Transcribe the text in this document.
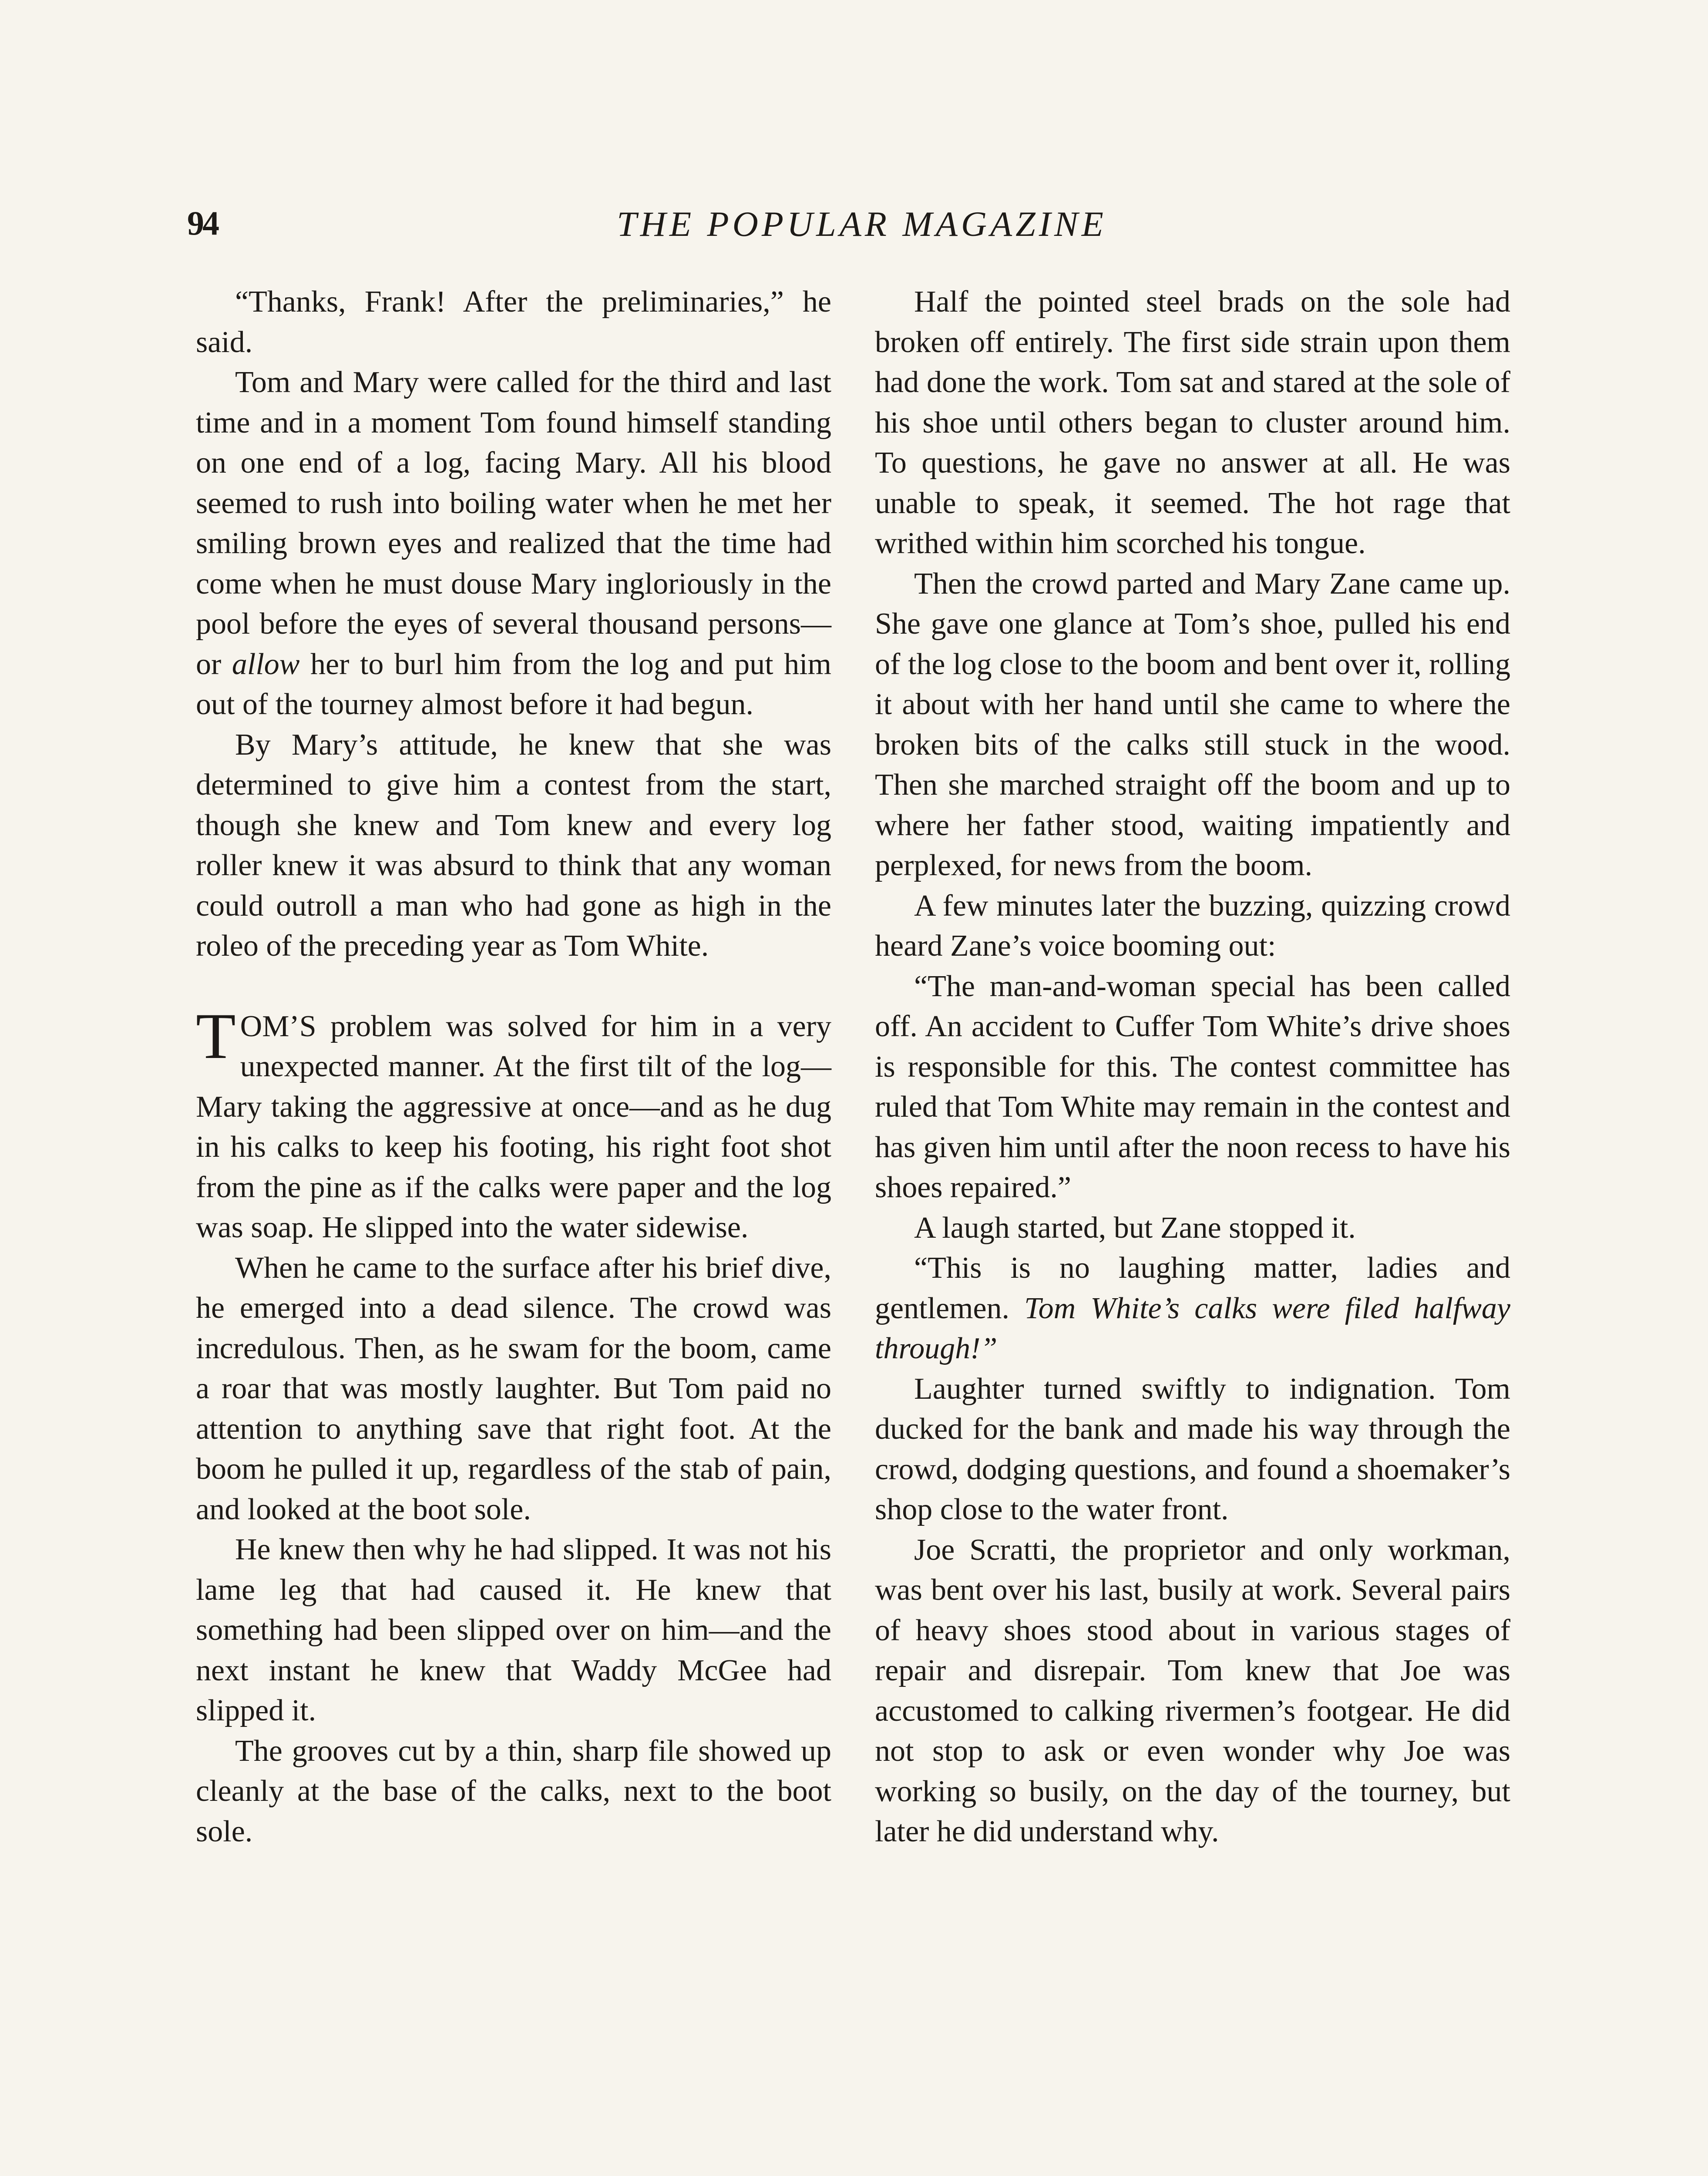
94	THE POPULAR MAGAZINE

“Thanks, Frank! After the preliminaries,” he said.

Tom and Mary were called for the third and last time and in a moment Tom found himself standing on one end of a log, facing Mary. All his blood seemed to rush into boiling water when he met her smiling brown eyes and realized that the time had come when he must douse Mary ingloriously in the pool before the eyes of several thousand persons—or allow her to burl him from the log and put him out of the tourney almost before it had begun.

By Mary’s attitude, he knew that she was determined to give him a contest from the start, though she knew and Tom knew and every log roller knew it was absurd to think that any woman could outroll a man who had gone as high in the roleo of the preceding year as Tom White.

TOM’S problem was solved for him in a very unexpected manner. At the first tilt of the log—Mary taking the aggressive at once—and as he dug in his calks to keep his footing, his right foot shot from the pine as if the calks were paper and the log was soap. He slipped into the water sidewise.

When he came to the surface after his brief dive, he emerged into a dead silence. The crowd was incredulous. Then, as he swam for the boom, came a roar that was mostly laughter. But Tom paid no attention to anything save that right foot. At the boom he pulled it up, regardless of the stab of pain, and looked at the boot sole.

He knew then why he had slipped. It was not his lame leg that had caused it. He knew that something had been slipped over on him—and the next instant he knew that Waddy McGee had slipped it.

The grooves cut by a thin, sharp file showed up cleanly at the base of the calks, next to the boot sole.

Half the pointed steel brads on the sole had broken off entirely. The first side strain upon them had done the work. Tom sat and stared at the sole of his shoe until others began to cluster around him. To questions, he gave no answer at all. He was unable to speak, it seemed. The hot rage that writhed within him scorched his tongue.

Then the crowd parted and Mary Zane came up. She gave one glance at Tom’s shoe, pulled his end of the log close to the boom and bent over it, rolling it about with her hand until she came to where the broken bits of the calks still stuck in the wood. Then she marched straight off the boom and up to where her father stood, waiting impatiently and perplexed, for news from the boom.

A few minutes later the buzzing, quizzing crowd heard Zane’s voice booming out:

“The man-and-woman special has been called off. An accident to Cuffer Tom White’s drive shoes is responsible for this. The contest committee has ruled that Tom White may remain in the contest and has given him until after the noon recess to have his shoes repaired.”

A laugh started, but Zane stopped it.

“This is no laughing matter, ladies and gentlemen. Tom White’s calks were filed halfway through!”

Laughter turned swiftly to indignation. Tom ducked for the bank and made his way through the crowd, dodging questions, and found a shoemaker’s shop close to the water front.

Joe Scratti, the proprietor and only workman, was bent over his last, busily at work. Several pairs of heavy shoes stood about in various stages of repair and disrepair. Tom knew that Joe was accustomed to calking rivermen’s footgear. He did not stop to ask or even wonder why Joe was working so busily, on the day of the tourney, but later he did understand why.
